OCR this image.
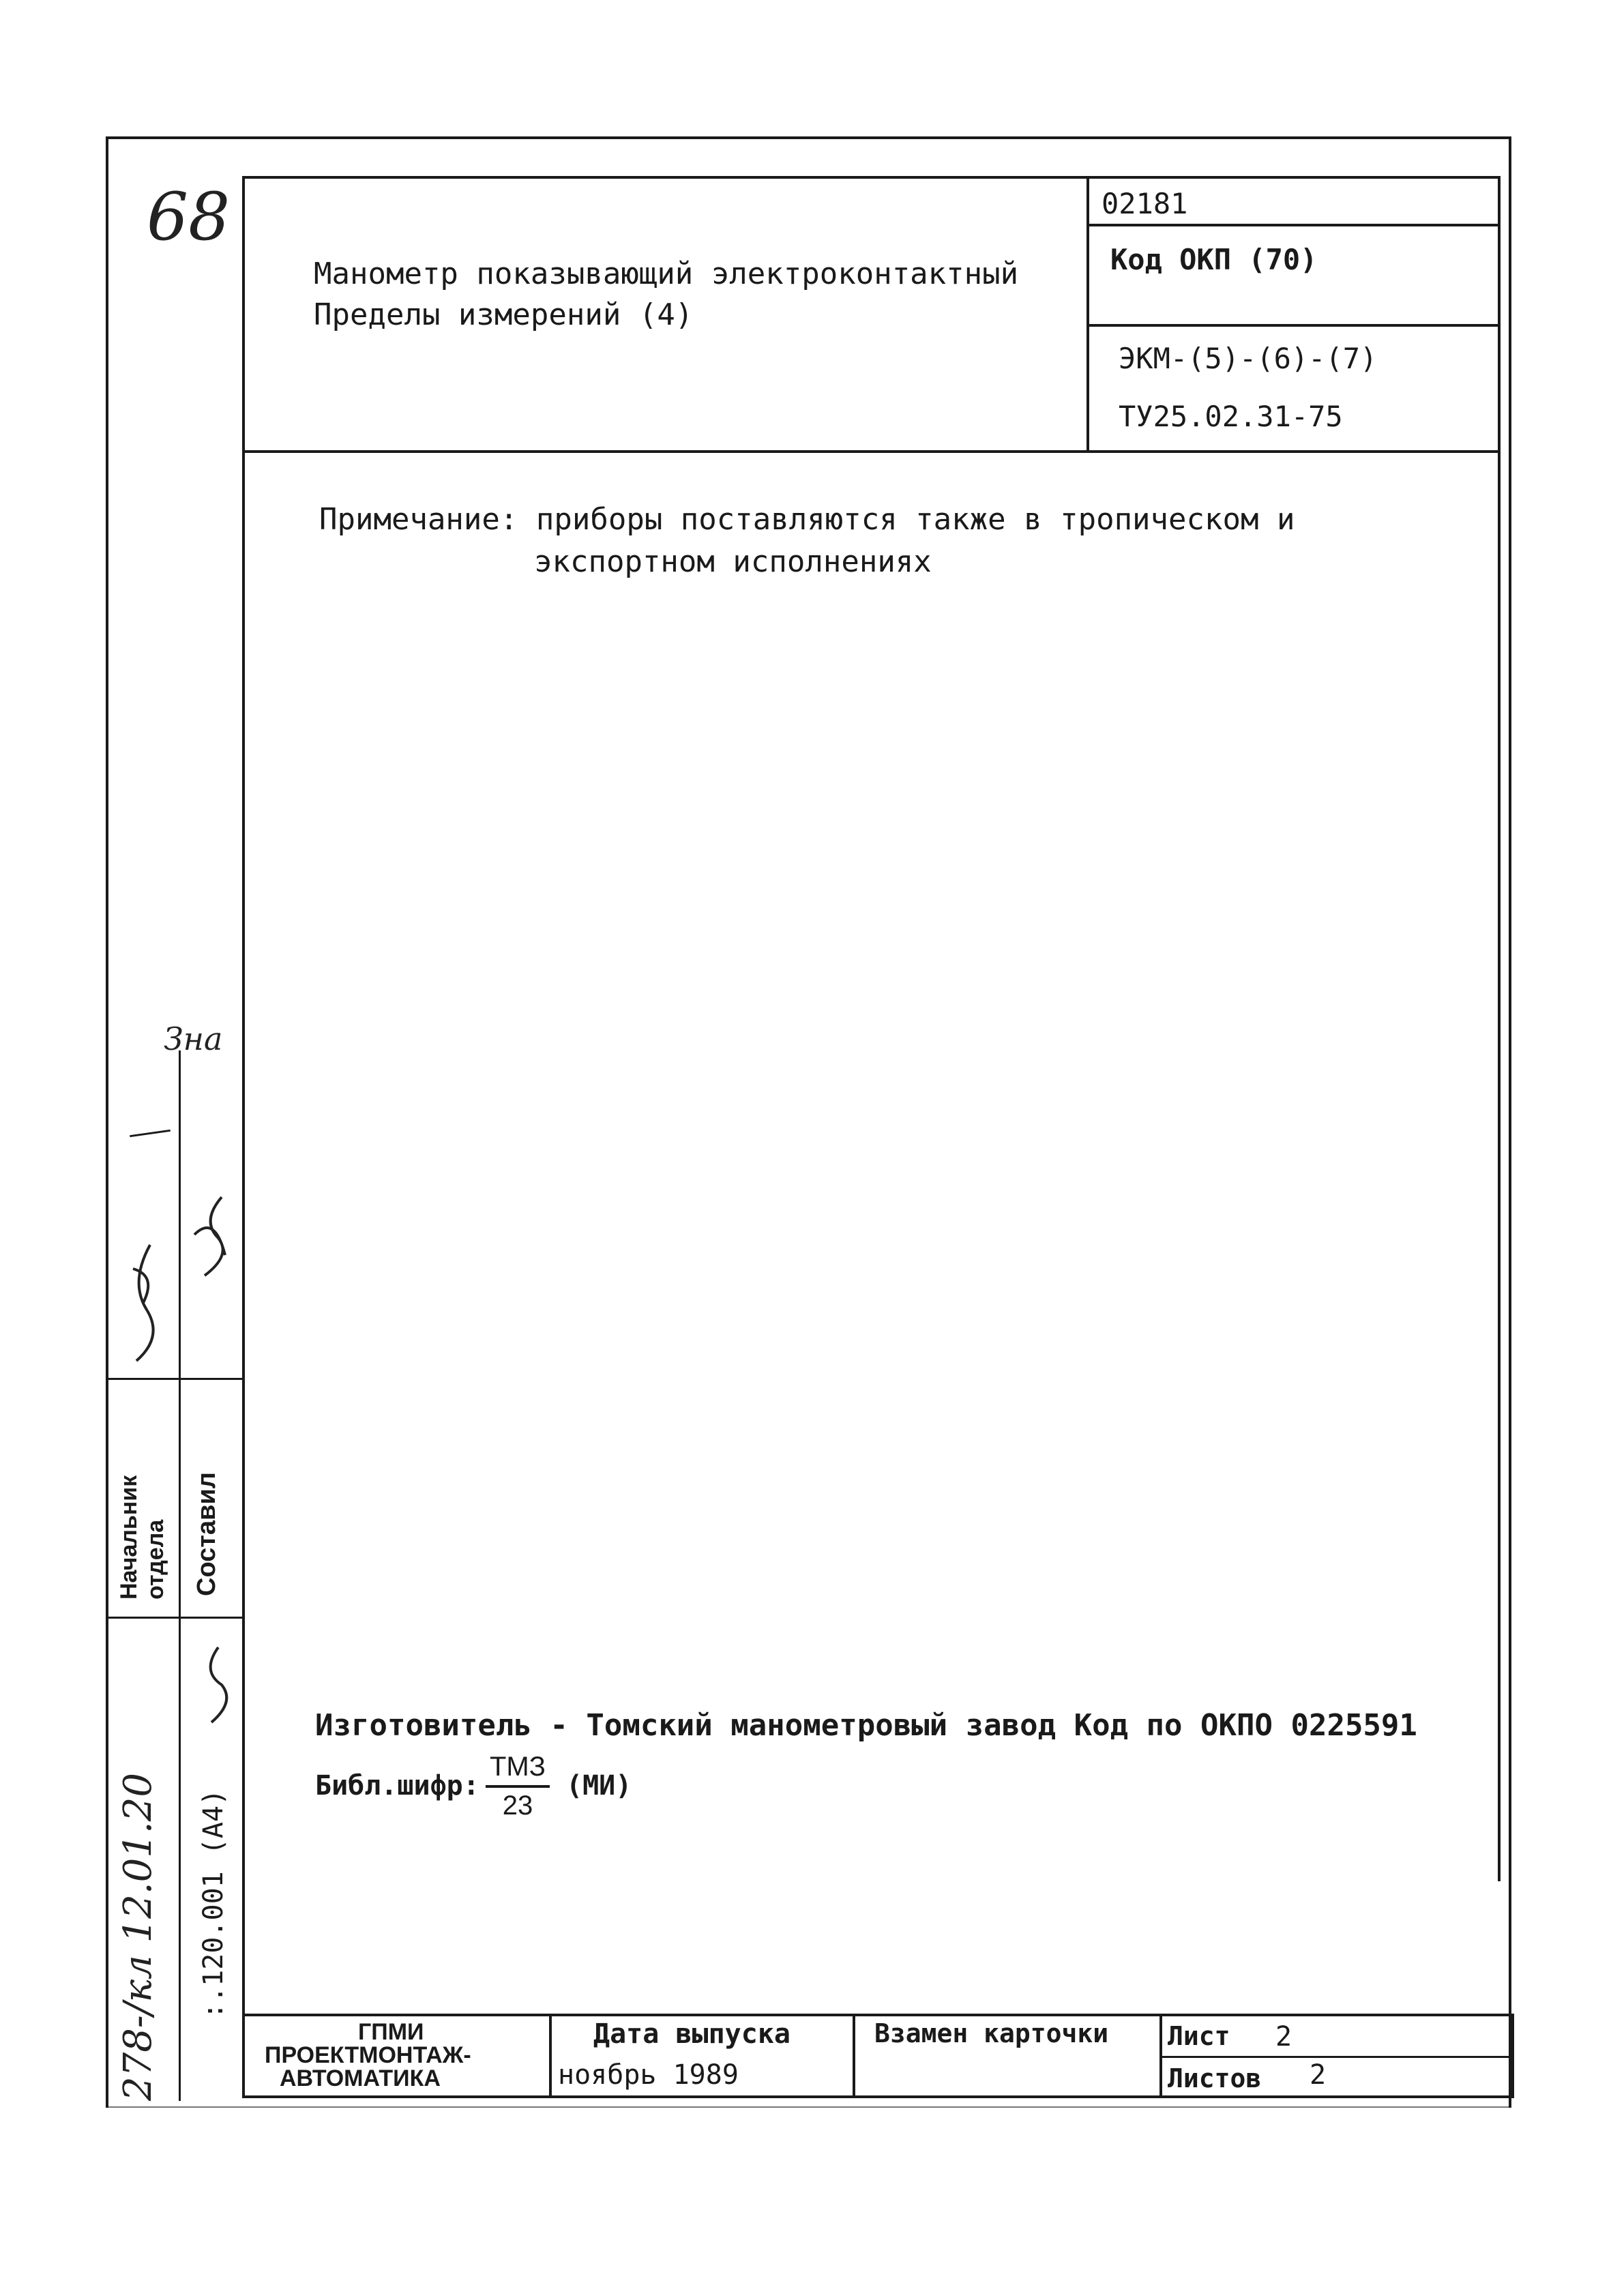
68	02181
Код ОКП (70)
Манометр показывающий электроконтактный
Пределы измерений (4)
ЭКМ-(5)-(6)-(7)
ТУ25.02.31-75
Примечание: приборы поставляются также в тропическом и
экспортном исполнениях
Изготовитель - Томский манометровый завод Код по ОКПО 0225591
Библ.шифр:
ТМЗ
23
(МИ)
Начальник отдела Составил
Зна
:.120.001 (А4)
278-/кл 12.01.20	ГПМИ
ПРОЕКТМОНТАЖ-
АВТОМАТИКА
Дата выпуска
ноябрь 1989
Взамен карточки Лист 2
Листов 2
